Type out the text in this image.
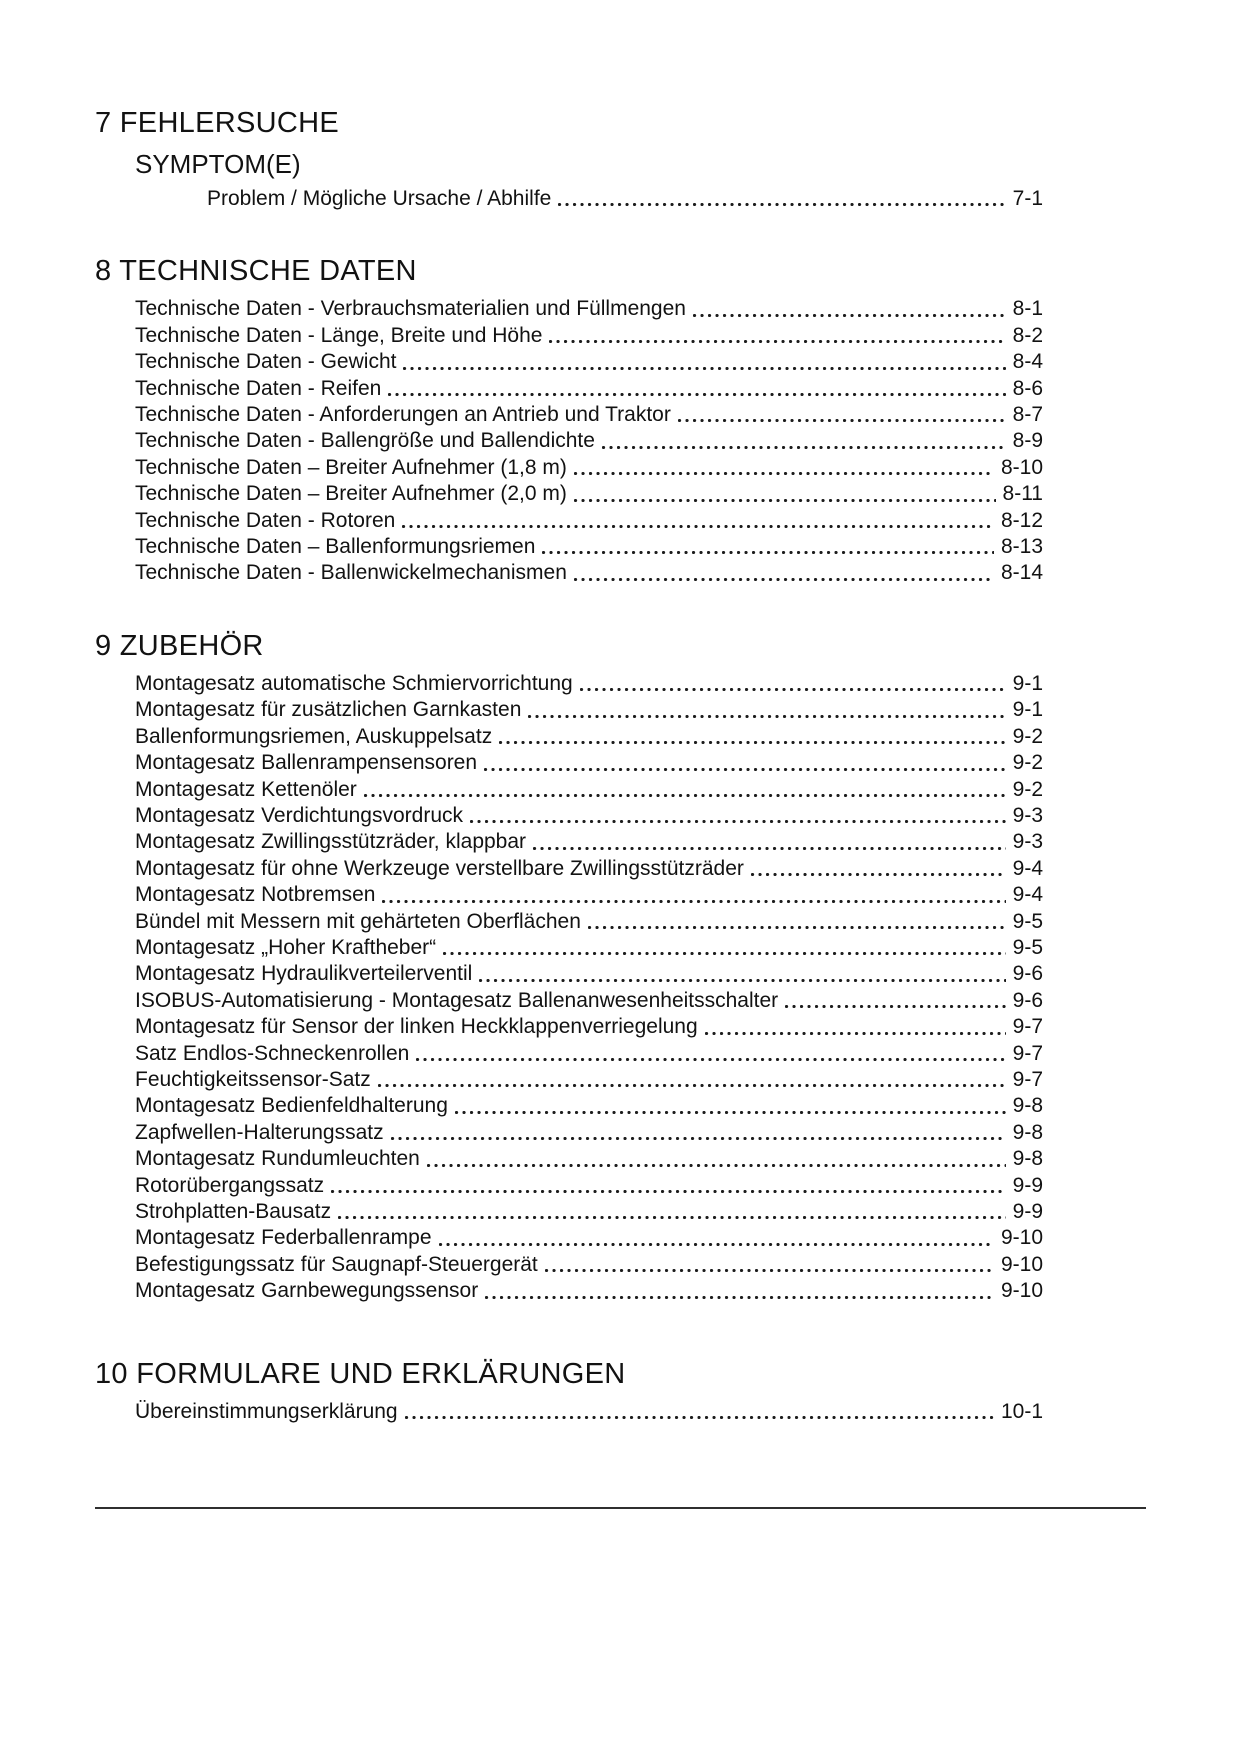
7 FEHLERSUCHE
SYMPTOM(E)
Problem / Mögliche Ursache / Abhilfe	7-1
8 TECHNISCHE DATEN
Technische Daten - Verbrauchsmaterialien und Füllmengen	8-1
Technische Daten - Länge, Breite und Höhe	8-2
Technische Daten - Gewicht	8-4
Technische Daten - Reifen	8-6
Technische Daten - Anforderungen an Antrieb und Traktor	8-7
Technische Daten - Ballengröße und Ballendichte	8-9
Technische Daten – Breiter Aufnehmer (1,8 m)	8-10
Technische Daten – Breiter Aufnehmer (2,0 m)	8-11
Technische Daten - Rotoren	8-12
Technische Daten – Ballenformungsriemen	8-13
Technische Daten - Ballenwickelmechanismen	8-14
9 ZUBEHÖR
Montagesatz automatische Schmiervorrichtung	9-1
Montagesatz für zusätzlichen Garnkasten	9-1
Ballenformungsriemen, Auskuppelsatz	9-2
Montagesatz Ballenrampensensoren	9-2
Montagesatz Kettenöler	9-2
Montagesatz Verdichtungsvordruck	9-3
Montagesatz Zwillingsstützräder, klappbar	9-3
Montagesatz für ohne Werkzeuge verstellbare Zwillingsstützräder	9-4
Montagesatz Notbremsen	9-4
Bündel mit Messern mit gehärteten Oberflächen	9-5
Montagesatz „Hoher Kraftheber“	9-5
Montagesatz Hydraulikverteilerventil	9-6
ISOBUS-Automatisierung - Montagesatz Ballenanwesenheitsschalter	9-6
Montagesatz für Sensor der linken Heckklappenverriegelung	9-7
Satz Endlos-Schneckenrollen	9-7
Feuchtigkeitssensor-Satz	9-7
Montagesatz Bedienfeldhalterung	9-8
Zapfwellen-Halterungssatz	9-8
Montagesatz Rundumleuchten	9-8
Rotorübergangssatz	9-9
Strohplatten-Bausatz	9-9
Montagesatz Federballenrampe	9-10
Befestigungssatz für Saugnapf-Steuergerät	9-10
Montagesatz Garnbewegungssensor	9-10
10 FORMULARE UND ERKLÄRUNGEN
Übereinstimmungserklärung	10-1
